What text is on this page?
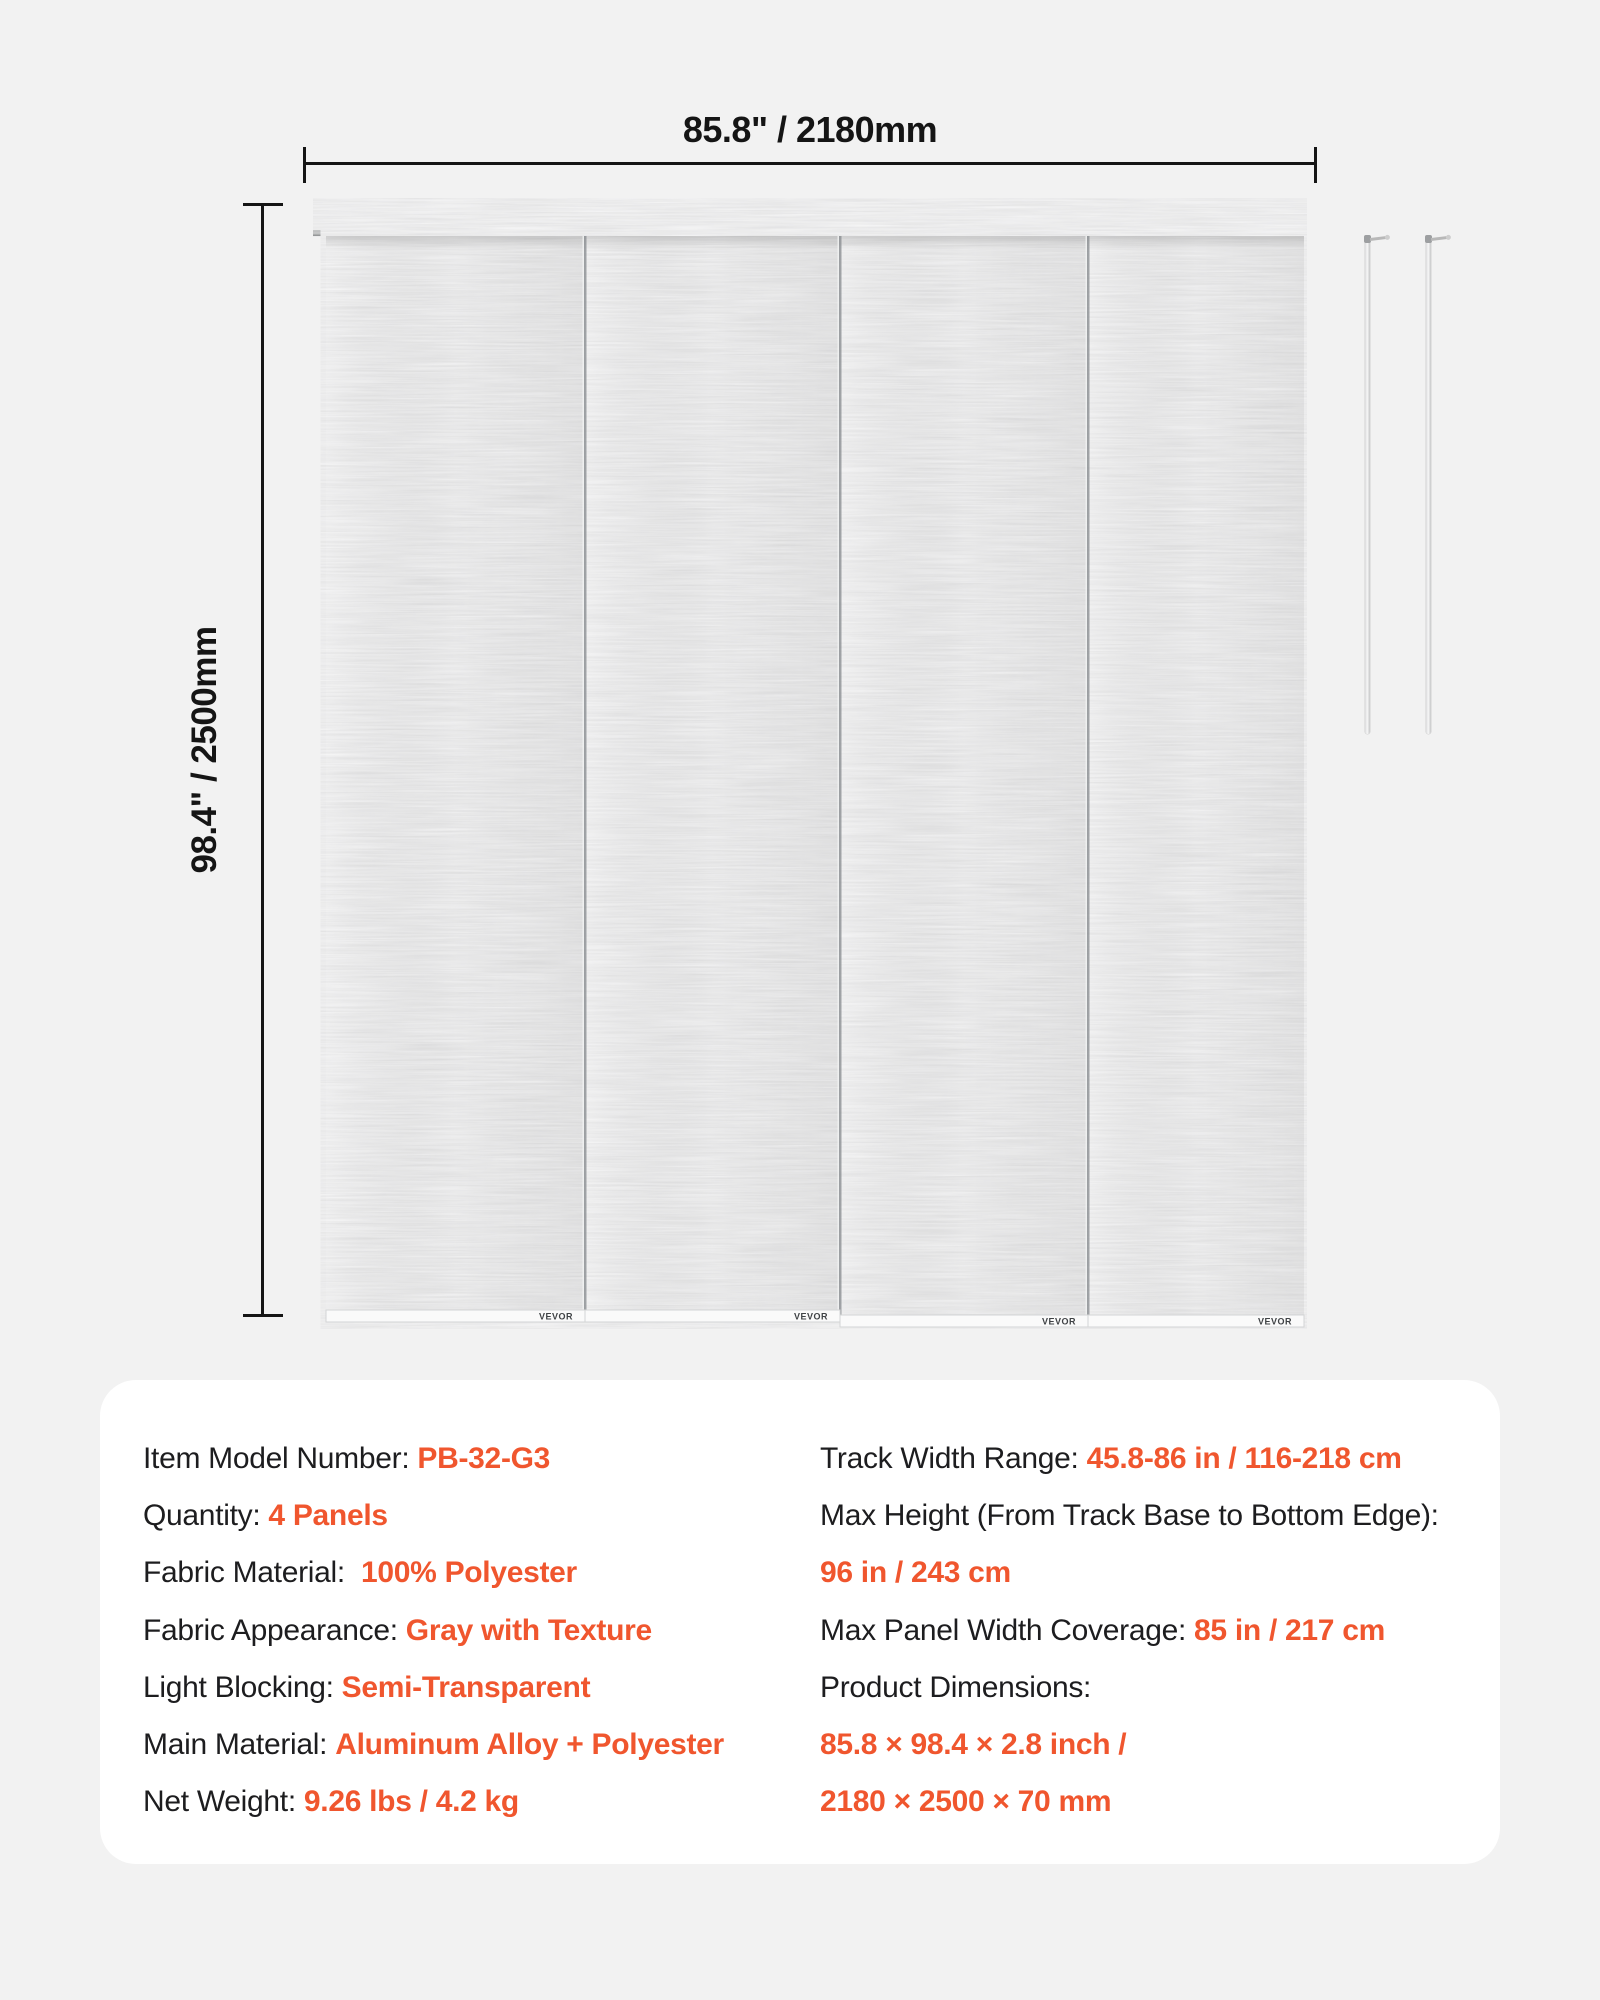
85.8" / 2180mm
98.4" / 2500mm
VEVOR	VEVOR	VEVOR	VEVOR
Item Model Number: PB-32-G3
Quantity: 4 Panels
Fabric Material: 100% Polyester
Fabric Appearance: Gray with Texture
Light Blocking: Semi-Transparent
Main Material: Aluminum Alloy + Polyester
Net Weight: 9.26 lbs / 4.2 kg
Track Width Range: 45.8-86 in / 116-218 cm
Max Height (From Track Base to Bottom Edge):
96 in / 243 cm
Max Panel Width Coverage: 85 in / 217 cm
Product Dimensions:
85.8 × 98.4 × 2.8 inch /
2180 × 2500 × 70 mm
